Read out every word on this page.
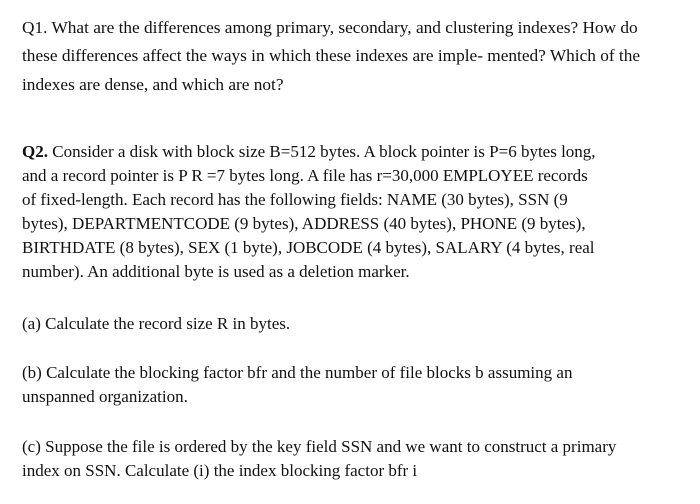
Q1. What are the differences among primary, secondary, and clustering indexes? How do
these differences affect the ways in which these indexes are imple- mented? Which of the
indexes are dense, and which are not?
Q2. Consider a disk with block size B=512 bytes. A block pointer is P=6 bytes long,
and a record pointer is P R =7 bytes long. A file has r=30,000 EMPLOYEE records
of fixed-length. Each record has the following fields: NAME (30 bytes), SSN (9
bytes), DEPARTMENTCODE (9 bytes), ADDRESS (40 bytes), PHONE (9 bytes),
BIRTHDATE (8 bytes), SEX (1 byte), JOBCODE (4 bytes), SALARY (4 bytes, real
number). An additional byte is used as a deletion marker.
(a) Calculate the record size R in bytes.
(b) Calculate the blocking factor bfr and the number of file blocks b assuming an
unspanned organization.
(c) Suppose the file is ordered by the key field SSN and we want to construct a primary
index on SSN. Calculate (i) the index blocking factor bfr i
